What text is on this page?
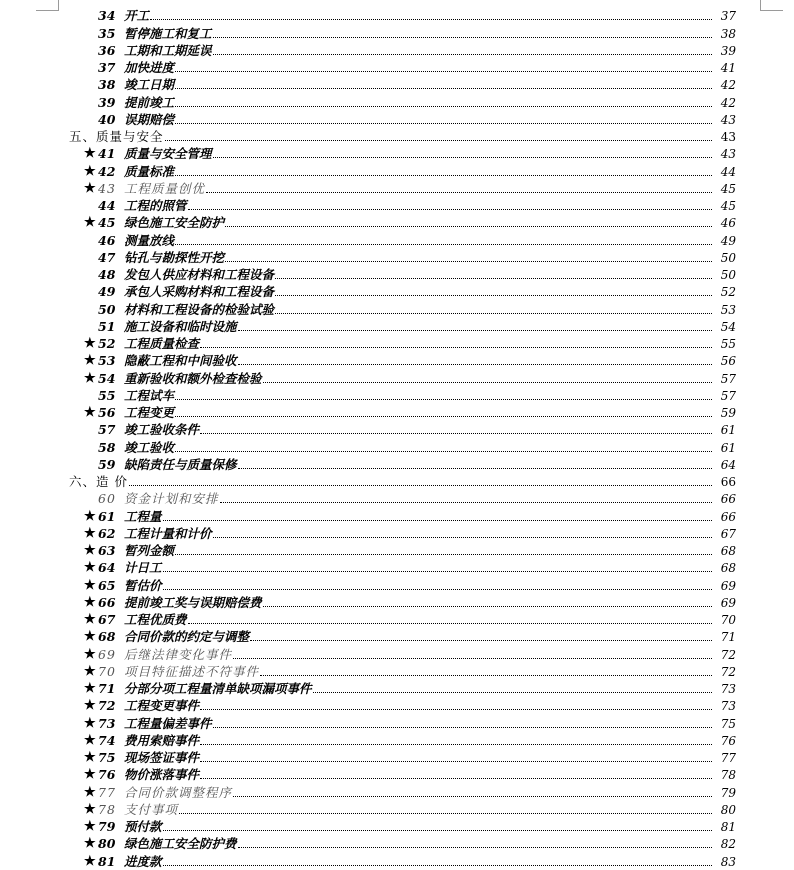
34 开工	37
35 暂停施工和复工	38
36 工期和工期延误	39
37 加快进度	41
38 竣工日期	42
39 提前竣工	42
40 误期赔偿	43
五、质量与安全	43
★ 41 质量与安全管理	43
★ 42 质量标准	44
★ 43 工程质量创优	45
44 工程的照管	45
★ 45 绿色施工安全防护	46
46 测量放线	49
47 钻孔与勘探性开挖	50
48 发包人供应材料和工程设备	50
49 承包人采购材料和工程设备	52
50 材料和工程设备的检验试验	53
51 施工设备和临时设施	54
★ 52 工程质量检查	55
★ 53 隐蔽工程和中间验收	56
★ 54 重新验收和额外检查检验	57
55 工程试车	57
★ 56 工程变更	59
57 竣工验收条件	61
58 竣工验收	61
59 缺陷责任与质量保修	64
六、造 价	66
60 资金计划和安排	66
★ 61 工程量	66
★ 62 工程计量和计价	67
★ 63 暂列金额	68
★ 64 计日工	68
★ 65 暂估价	69
★ 66 提前竣工奖与误期赔偿费	69
★ 67 工程优质费	70
★ 68 合同价款的约定与调整	71
★ 69 后继法律变化事件	72
★ 70 项目特征描述不符事件	72
★ 71 分部分项工程量清单缺项漏项事件	73
★ 72 工程变更事件	73
★ 73 工程量偏差事件	75
★ 74 费用索赔事件	76
★ 75 现场签证事件	77
★ 76 物价涨落事件	78
★ 77 合同价款调整程序	79
★ 78 支付事项	80
★ 79 预付款	81
★ 80 绿色施工安全防护费	82
★ 81 进度款	83
